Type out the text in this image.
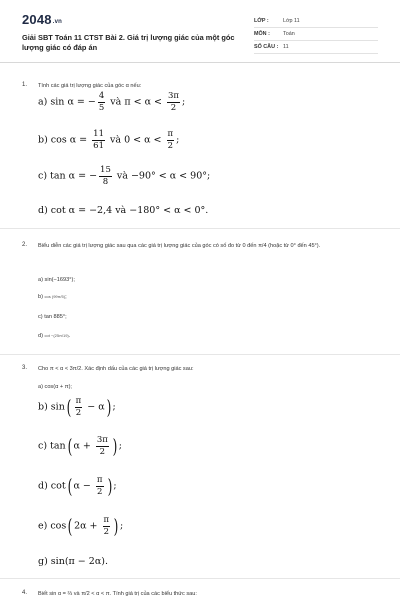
2048.vn
Giải SBT Toán 11 CTST Bài 2. Giá trị lượng giác của một góc lượng giác có đáp án
LỚP :	Lớp 11
MÔN : Toán
SỐ CÂU : 11
1. Tính các giá trị lượng giác của góc α nếu:
a) sin α = − $\frac{4}{5}$ và $\pi < \alpha < \frac{3\pi}{2}$ ;
b) $\cos \alpha = \frac{11}{61}$ và $0 < \alpha < \frac{\pi}{2}$ ;
c) tan α = − $\frac{15}{8}$ và −90° < α < 90°;
d) cot α = −2,4 và −180° < α < 0°.
2. Biểu diễn các giá trị lượng giác sau qua các giá trị lượng giác của góc có số đo từ 0 đến π/4 (hoặc từ 0° đến 45°).
a) sin(−1693°);
b) cos (99π/5);
c) tan 885°;
d) cot −(25π/19).
3. Cho π < α < 3π/2. Xác định dấu của các giá trị lượng giác sau:
a) cos(α + π);
b) $\sin( \frac{\pi}{2} - \alpha)$ ;
c) tan( $\alpha + \frac{3\pi}{2}$ ) ;
d) cot( $\alpha - \frac{\pi}{2}$ ) ;
e) cos( $2\alpha + \frac{\pi}{2}$ ) ;
g) sin(π − 2α).
4. Biết sin α = ⅔ và π/2 < α < π. Tính giá trị của các biểu thức sau:
